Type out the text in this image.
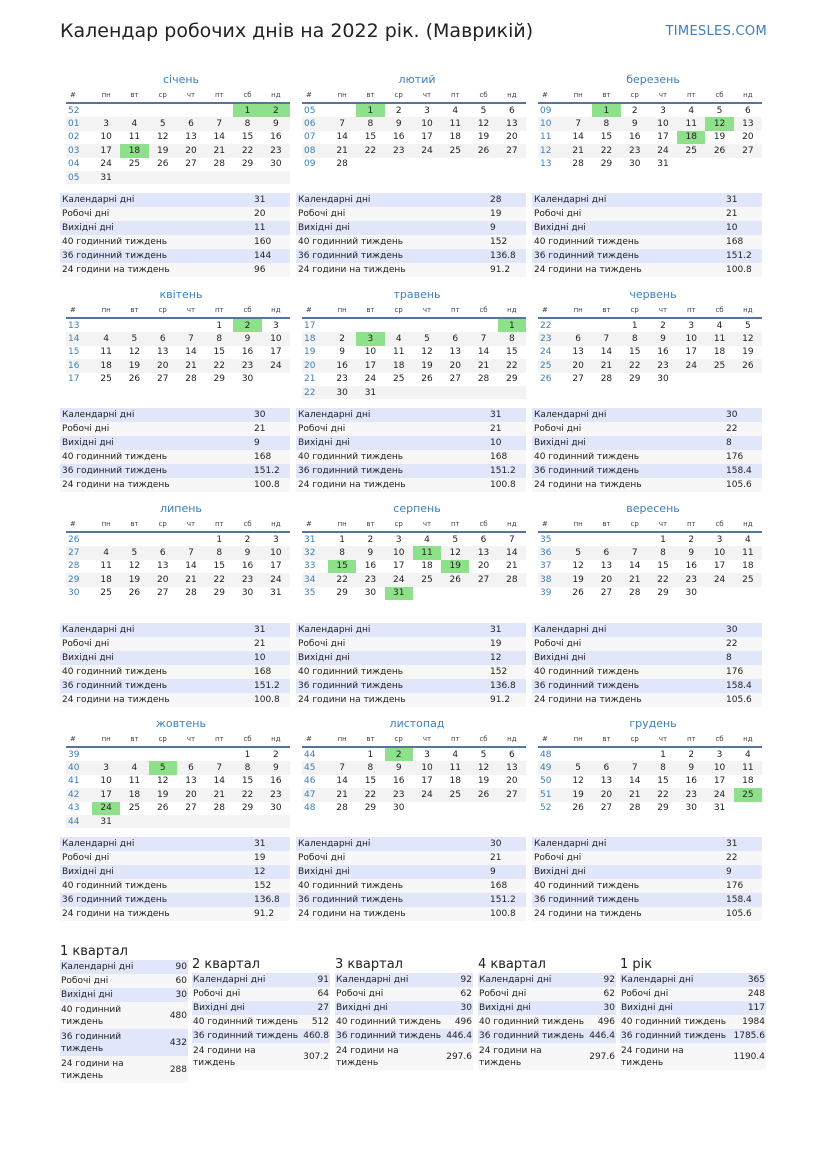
Календар робочих днів на 2022 рік. (Маврикій)	TIMESLES.COM
січень
#	пн	вт	ср	чт	пт	сб	нд
52						1	2
01	3	4	5	6	7	8	9
02	10	11	12	13	14	15	16
03	17	18	19	20	21	22	23
04	24	25	26	27	28	29	30
05	31						
Календарні дні	31
Робочі дні	20
Вихідні дні	11
40 годинний тиждень	160
36 годинний тиждень	144
24 години на тиждень	96
лютий
#	пн	вт	ср	чт	пт	сб	нд
05		1	2	3	4	5	6
06	7	8	9	10	11	12	13
07	14	15	16	17	18	19	20
08	21	22	23	24	25	26	27
09	28						
Календарні дні	28
Робочі дні	19
Вихідні дні	9
40 годинний тиждень	152
36 годинний тиждень	136.8
24 години на тиждень	91.2
березень
#	пн	вт	ср	чт	пт	сб	нд
09		1	2	3	4	5	6
10	7	8	9	10	11	12	13
11	14	15	16	17	18	19	20
12	21	22	23	24	25	26	27
13	28	29	30	31			
Календарні дні	31
Робочі дні	21
Вихідні дні	10
40 годинний тиждень	168
36 годинний тиждень	151.2
24 години на тиждень	100.8
квітень
#	пн	вт	ср	чт	пт	сб	нд
13					1	2	3
14	4	5	6	7	8	9	10
15	11	12	13	14	15	16	17
16	18	19	20	21	22	23	24
17	25	26	27	28	29	30	
Календарні дні	30
Робочі дні	21
Вихідні дні	9
40 годинний тиждень	168
36 годинний тиждень	151.2
24 години на тиждень	100.8
травень
#	пн	вт	ср	чт	пт	сб	нд
17							1
18	2	3	4	5	6	7	8
19	9	10	11	12	13	14	15
20	16	17	18	19	20	21	22
21	23	24	25	26	27	28	29
22	30	31					
Календарні дні	31
Робочі дні	21
Вихідні дні	10
40 годинний тиждень	168
36 годинний тиждень	151.2
24 години на тиждень	100.8
червень
#	пн	вт	ср	чт	пт	сб	нд
22			1	2	3	4	5
23	6	7	8	9	10	11	12
24	13	14	15	16	17	18	19
25	20	21	22	23	24	25	26
26	27	28	29	30			
Календарні дні	30
Робочі дні	22
Вихідні дні	8
40 годинний тиждень	176
36 годинний тиждень	158.4
24 години на тиждень	105.6
липень
#	пн	вт	ср	чт	пт	сб	нд
26					1	2	3
27	4	5	6	7	8	9	10
28	11	12	13	14	15	16	17
29	18	19	20	21	22	23	24
30	25	26	27	28	29	30	31
Календарні дні	31
Робочі дні	21
Вихідні дні	10
40 годинний тиждень	168
36 годинний тиждень	151.2
24 години на тиждень	100.8
серпень
#	пн	вт	ср	чт	пт	сб	нд
31	1	2	3	4	5	6	7
32	8	9	10	11	12	13	14
33	15	16	17	18	19	20	21
34	22	23	24	25	26	27	28
35	29	30	31				
Календарні дні	31
Робочі дні	19
Вихідні дні	12
40 годинний тиждень	152
36 годинний тиждень	136.8
24 години на тиждень	91.2
вересень
#	пн	вт	ср	чт	пт	сб	нд
35				1	2	3	4
36	5	6	7	8	9	10	11
37	12	13	14	15	16	17	18
38	19	20	21	22	23	24	25
39	26	27	28	29	30		
Календарні дні	30
Робочі дні	22
Вихідні дні	8
40 годинний тиждень	176
36 годинний тиждень	158.4
24 години на тиждень	105.6
жовтень
#	пн	вт	ср	чт	пт	сб	нд
39						1	2
40	3	4	5	6	7	8	9
41	10	11	12	13	14	15	16
42	17	18	19	20	21	22	23
43	24	25	26	27	28	29	30
44	31						
Календарні дні	31
Робочі дні	19
Вихідні дні	12
40 годинний тиждень	152
36 годинний тиждень	136.8
24 години на тиждень	91.2
листопад
#	пн	вт	ср	чт	пт	сб	нд
44		1	2	3	4	5	6
45	7	8	9	10	11	12	13
46	14	15	16	17	18	19	20
47	21	22	23	24	25	26	27
48	28	29	30				
Календарні дні	30
Робочі дні	21
Вихідні дні	9
40 годинний тиждень	168
36 годинний тиждень	151.2
24 години на тиждень	100.8
грудень
#	пн	вт	ср	чт	пт	сб	нд
48				1	2	3	4
49	5	6	7	8	9	10	11
50	12	13	14	15	16	17	18
51	19	20	21	22	23	24	25
52	26	27	28	29	30	31	
Календарні дні	31
Робочі дні	22
Вихідні дні	9
40 годинний тиждень	176
36 годинний тиждень	158.4
24 години на тиждень	105.6
1 квартал
Календарні дні	90
Робочі дні	60
Вихідні дні	30
40 годинний тиждень
480
36 годинний тиждень
432
24 години на тиждень
288
2 квартал
Календарні дні	91
Робочі дні	64
Вихідні дні	27
40 годинний тиждень 512
36 годинний тиждень 460.8
24 години на тиждень
307.2
3 квартал
Календарні дні	92
Робочі дні	62
Вихідні дні	30
40 годинний тиждень 496
36 годинний тиждень 446.4
24 години на тиждень
297.6
4 квартал
Календарні дні	92
Робочі дні	62
Вихідні дні	30
40 годинний тиждень 496
36 годинний тиждень 446.4
24 години на тиждень
297.6
1 рік
Календарні дні	365
Робочі дні	248
Вихідні дні	117
40 годинний тиждень 1984
36 годинний тиждень 1785.6
24 години на тиждень
1190.4
